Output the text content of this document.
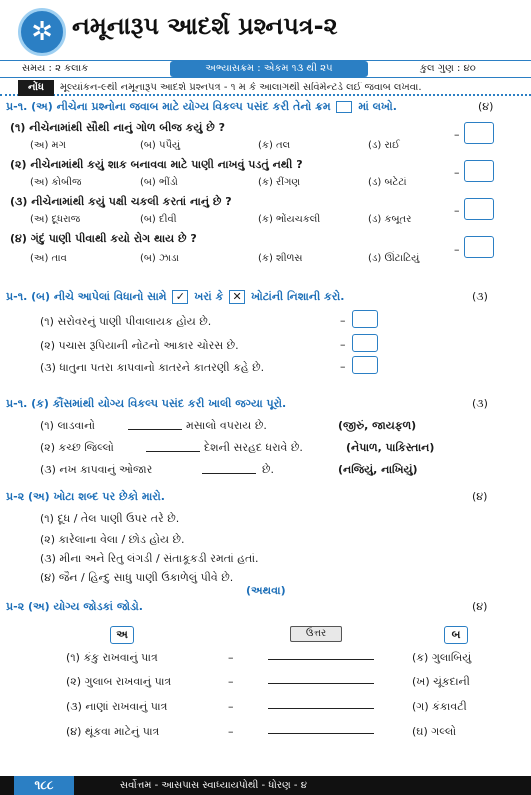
✲ નમૂનારૂપ આદર્શ પ્રશ્નપત્ર-૨
સમય : ૨ કલાક	અભ્યાસક્રમ : એકમ ૧૩ થી ૨૫	કુલ ગુણ : ૪૦
નોંધ	મૂલ્યાંકન-૯થી નમૂનારૂપ આદર્શ પ્રશ્નપત્ર - ૧ મ કે આલાગથી સવિમેન્ટર્ડ લઈ જવાબ લખવા.
પ્ર-૧. (અ) નીચેના પ્રશ્નોના જવાબ માટે યોગ્ય વિકલ્પ પસંદ કરી તેનો ક્રમ	માં લખો.	(૪)
(૧) નીચેનામાંથી સૌથી નાનું ગોળ બીજ કયું છે ?
(અ) મગ	(બ) પપૈયું	(ક) તલ	(ડ) રાઈ
–
(૨) નીચેનામાંથી કયું શાક બનાવવા માટે પાણી નાખવું પડતું નથી ?
(અ) કોબીજ	(બ) ભીંડો	(ક) રીંગણ	(ડ) બટેટાં
–
(૩) નીચેનામાંથી કયું પક્ષી ચકલી કરતાં નાનું છે ?
(અ) દૂધરાજ	(બ) દીવી	(ક) ભોંયચકલી	(ડ) કબૂતર
–
(૪) ગંદું પાણી પીવાથી કયો રોગ થાય છે ?
(અ) તાવ	(બ) ઝાડા	(ક) શીળસ	(ડ) ઊંટાટિયું
–
પ્ર-૧. (બ) નીચે આપેલાં વિધાનો સામે ✓ ખરાં કે ✕ ખોટાંની નિશાની કરો.	(૩)
(૧) સરોવરનું પાણી પીવાલાયક હોય છે.	–
(૨) પચાસ રૂપિયાની નોટનો આકાર ચોરસ છે.	–
(૩) ધાતુના પતરા કાપવાનો કાતરને કાતરણી કહે છે.	–
પ્ર-૧. (ક) કૌંસમાંથી યોગ્ય વિકલ્પ પસંદ કરી ખાલી જગ્યા પૂરો.	(૩)
(૧) લાડવાનો	મસાલો વપરાય છે.	(જીરું, જાયફળ)
(૨) કચ્છ જિલ્લો	દેશની સરહદ ધરાવે છે.	(નેપાળ, પાકિસ્તાન)
(૩) નખ કાપવાનું ઓજાર	છે.	(નજિયું, નાખિયું)
પ્ર-૨ (અ) ખોટા શબ્દ પર છેકો મારો.	(૪)
(૧) દૂધ / તેલ પાણી ઉપર તરે છે.
(૨) કારેલાના વેલા / છોડ હોય છે.
(૩) મીના અને રિતુ લંગડી / સંતાકૂકડી રમતાં હતાં.
(૪) જૈન / હિન્દુ સાધુ પાણી ઉકાળેલું પીવે છે.
(અથવા)
પ્ર-૨ (અ) યોગ્ય જોડકાં જોડો.	(૪)
અ	ઉત્તર	બ
(૧) કંકુ રાખવાનું પાત્ર	–	(ક) ગુલાબિયું
(૨) ગુલાબ રાખવાનું પાત્ર	–	(ખ) ચૂંકદાની
(૩) નાણાં રાખવાનું પાત્ર	–	(ગ) કંકાવટી
(૪) થૂંકવા માટેનું પાત્ર	–	(ઘ) ગલ્લો
૧૮૮	સર્વોત્તમ - આસપાસ સ્વાધ્યાયપોથી - ધોરણ - ૪
